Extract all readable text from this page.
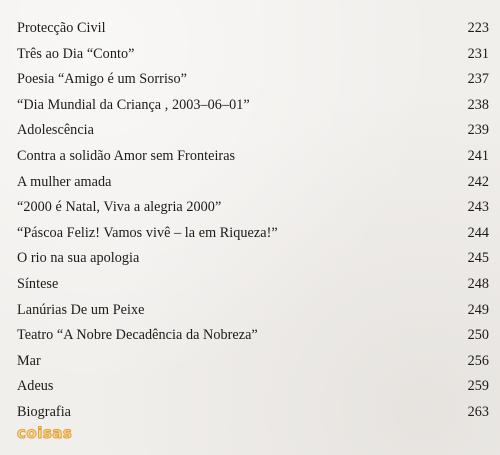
Protecção Civil	223
Três ao Dia “Conto”	231
Poesia “Amigo é um Sorriso”	237
“Dia Mundial da Criança , 2003–06–01”	238
Adolescência	239
Contra a solidão Amor sem Fronteiras	241
A mulher amada	242
“2000 é Natal, Viva a alegria 2000”	243
“Páscoa Feliz! Vamos vivê – la em Riqueza!”	244
O rio na sua apologia	245
Síntese	248
Lanúrias De um Peixe	249
Teatro “A Nobre Decadência da Nobreza”	250
Mar	256
Adeus	259
Biografia	263
coisas
